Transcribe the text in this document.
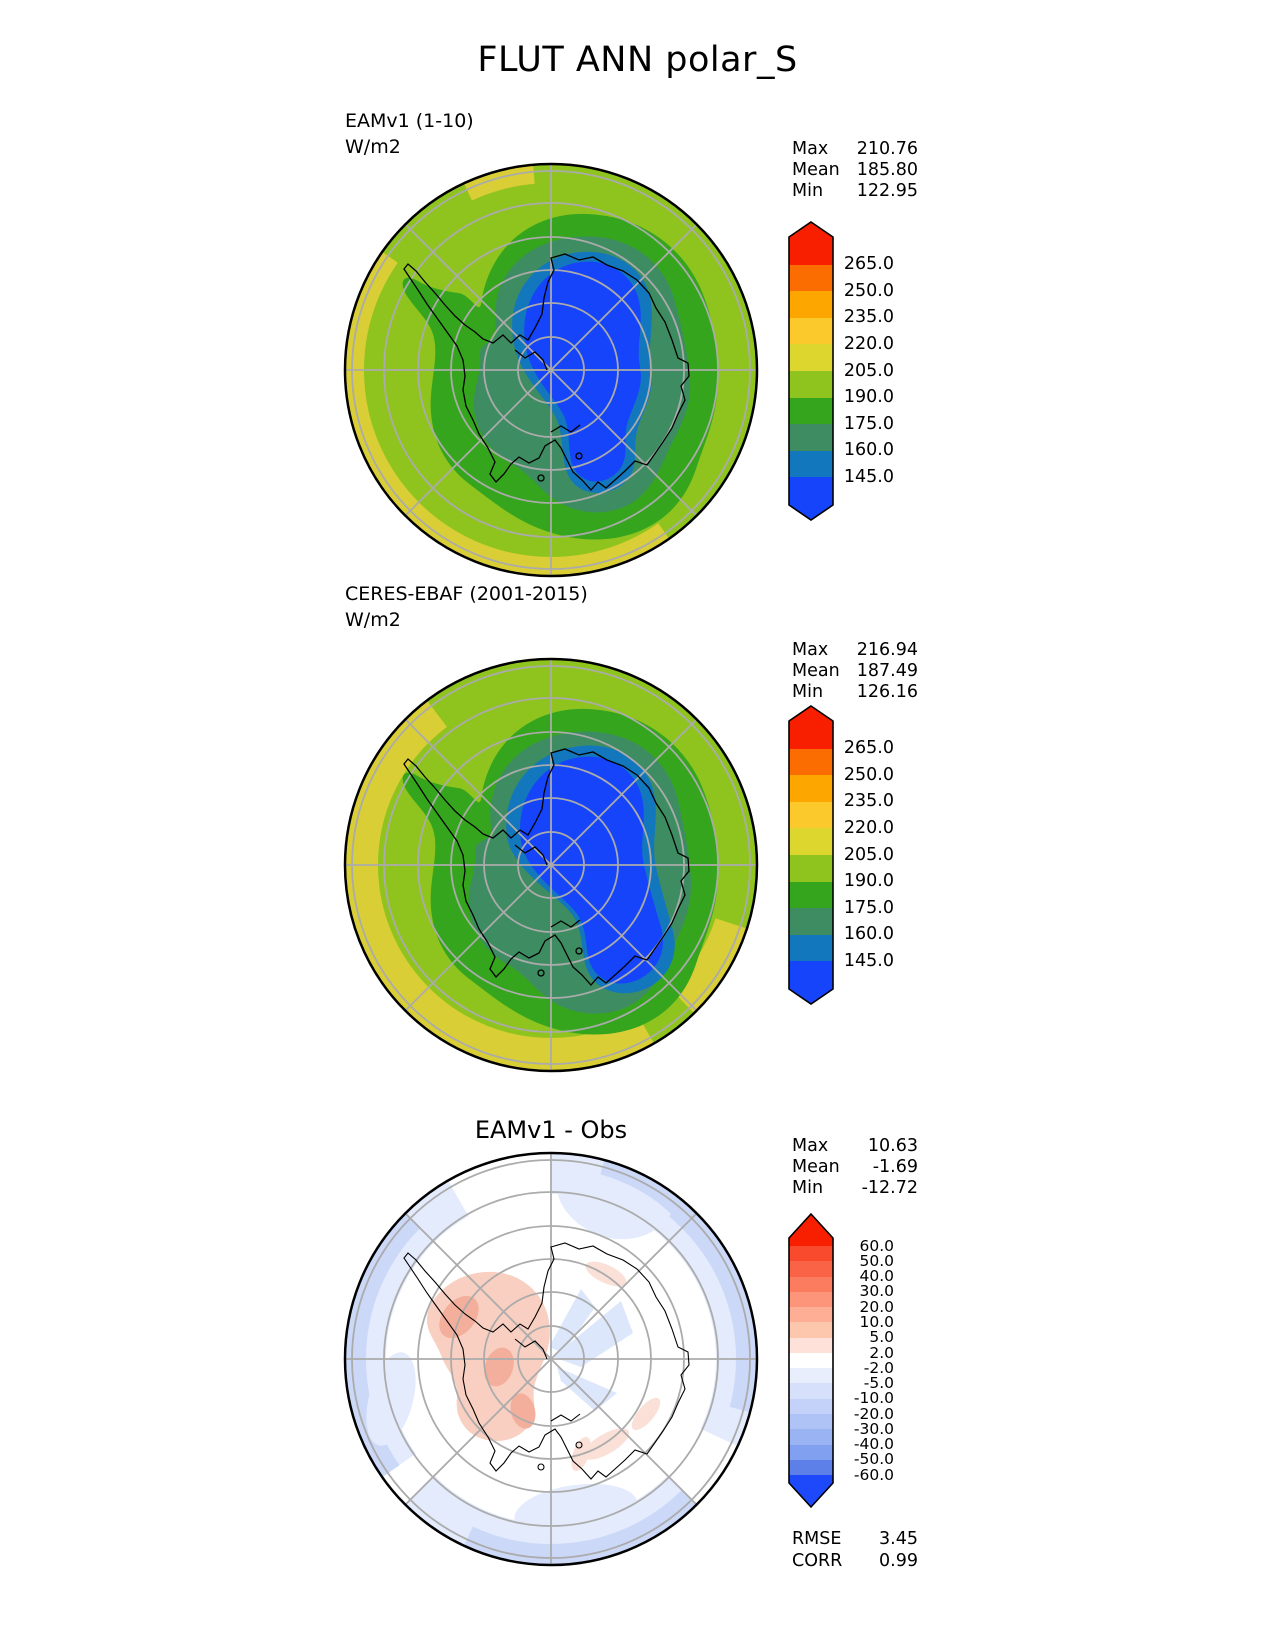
FLUT ANN polar_S
EAMv1 (1-10)
W/m2	Max 210.76
Mean 185.80
Min 122.95
265.0
250.0
235.0
220.0
205.0
190.0
175.0
160.0
145.0
CERES-EBAF (2001-2015)
W/m2
Max 216.94
Mean 187.49
Min 126.16
265.0
250.0
235.0
220.0
205.0
190.0
175.0
160.0
145.0
EAMv1 - Obs
Max 10.63
Mean -1.69
Min -12.72
60.0
50.0
40.0
30.0
20.0
10.0
5.0
2.0
-2.0
-5.0
-10.0
-20.0
-30.0
-40.0
-50.0
-60.0
RMSE 3.45
CORR 0.99
